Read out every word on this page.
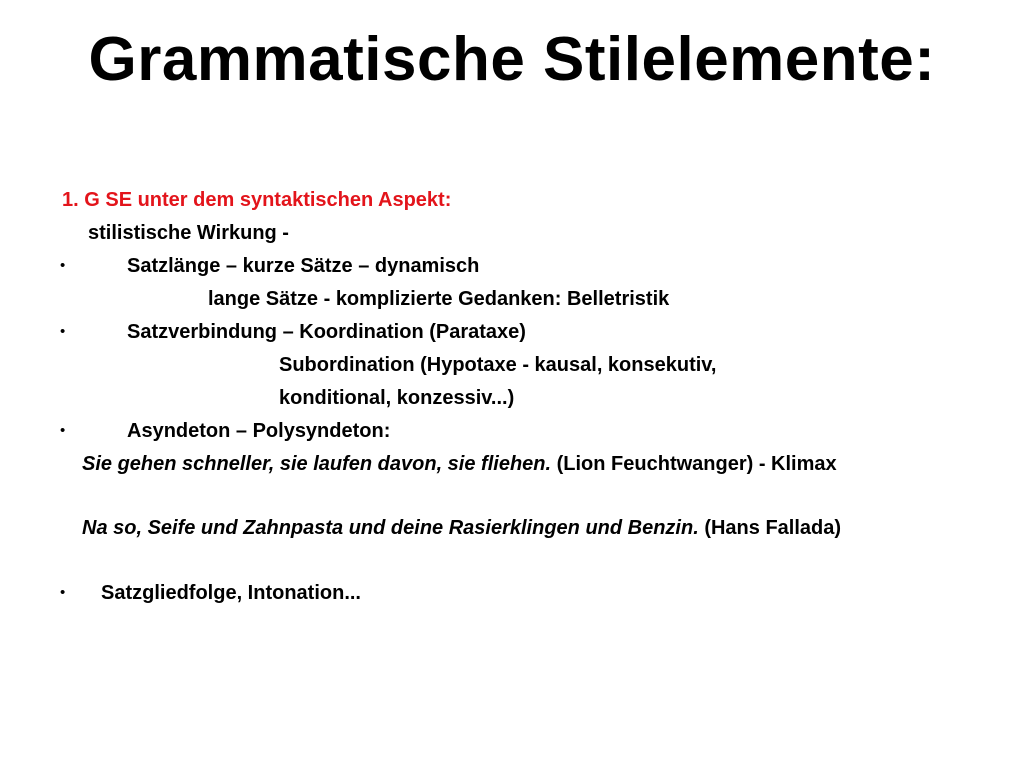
Grammatische Stilelemente:
1. G SE unter dem syntaktischen Aspekt:
stilistische Wirkung -
•	Satzlänge – kurze Sätze – dynamisch
lange Sätze - komplizierte Gedanken: Belletristik
•	Satzverbindung – Koordination (Parataxe)
Subordination (Hypotaxe - kausal, konsekutiv,
konditional, konzessiv...)
•	Asyndeton – Polysyndeton:
Sie gehen schneller, sie laufen davon, sie fliehen. (Lion Feuchtwanger) - Klimax
Na so, Seife und Zahnpasta und deine Rasierklingen und Benzin. (Hans Fallada)
• Satzgliedfolge, Intonation...
